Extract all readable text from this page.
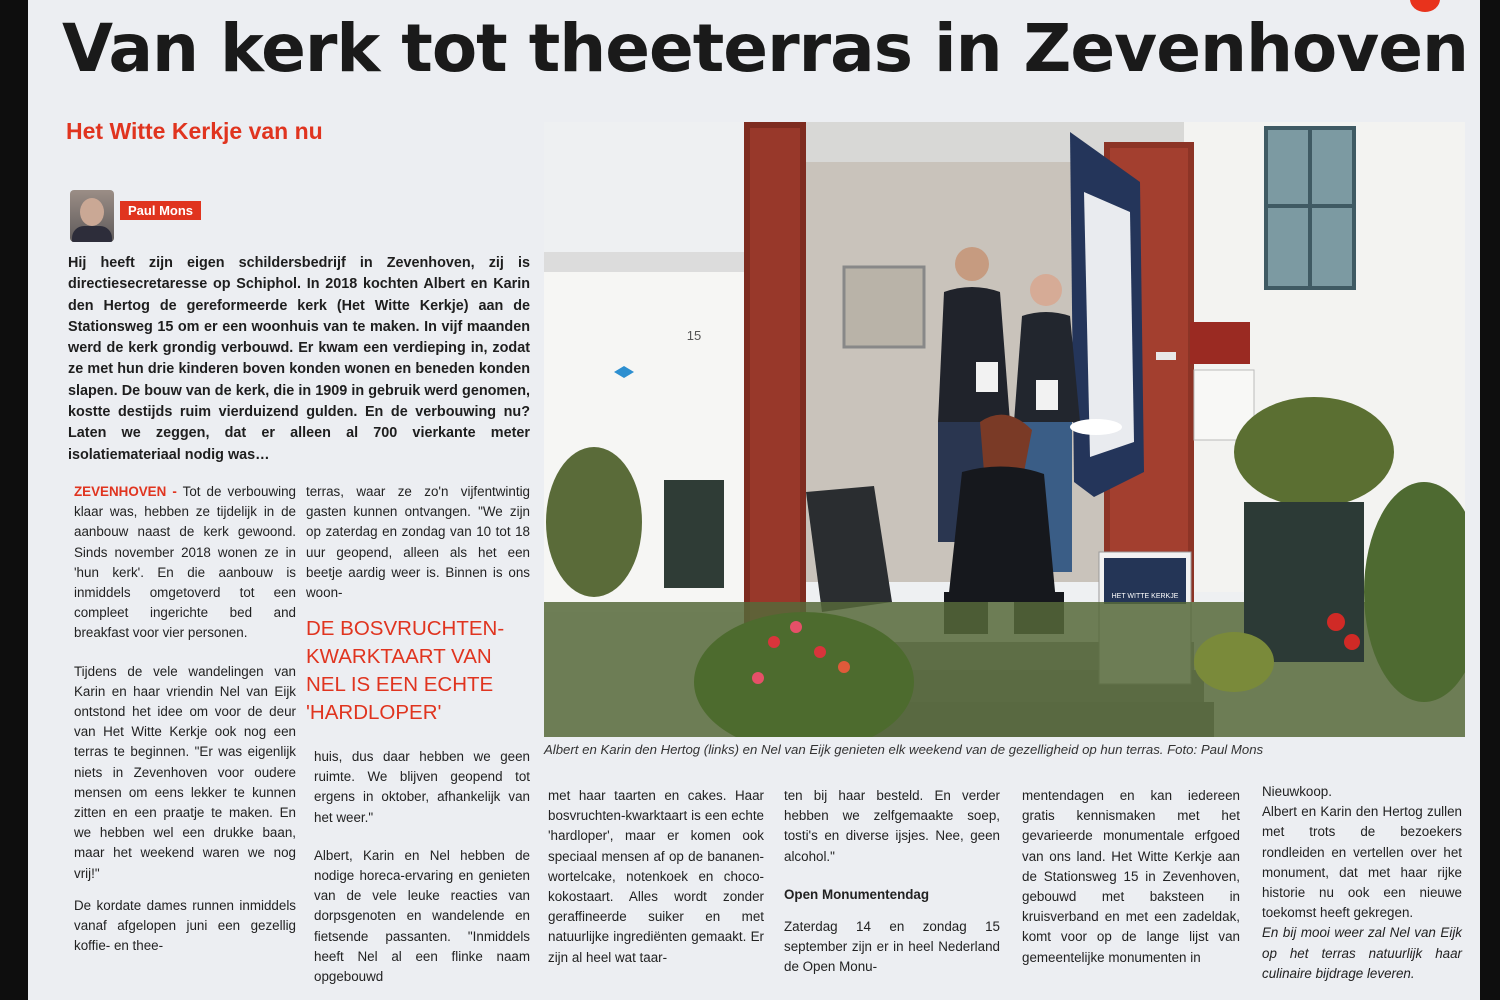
Van kerk tot theeterras in Zevenhoven
Het Witte Kerkje van nu
Paul Mons

Hij heeft zijn eigen schildersbedrijf in Zevenhoven, zij is directiesecretaresse op Schiphol. In 2018 kochten Albert en Karin den Hertog de gereformeerde kerk (Het Witte Kerkje) aan de Stationsweg 15 om er een woonhuis van te maken. In vijf maanden werd de kerk grondig verbouwd. Er kwam een verdieping in, zodat ze met hun drie kinderen boven konden wonen en beneden konden slapen. De bouw van de kerk, die in 1909 in gebruik werd genomen, kostte destijds ruim vierduizend gulden. En de verbouwing nu? Laten we zeggen, dat er alleen al 700 vierkante meter isolatiemateriaal nodig was…

ZEVENHOVEN - Tot de verbouwing klaar was, hebben ze tijdelijk in de aanbouw naast de kerk gewoond. Sinds november 2018 wonen ze in 'hun kerk'. En die aanbouw is inmiddels omgetoverd tot een compleet ingerichte bed and breakfast voor vier personen.

Tijdens de vele wandelingen van Karin en haar vriendin Nel van Eijk ontstond het idee om voor de deur van Het Witte Kerkje ook nog een terras te beginnen. "Er was eigenlijk niets in Zevenhoven voor oudere mensen om eens lekker te kunnen zitten en een praatje te maken. En we hebben wel een drukke baan, maar het weekend waren we nog vrij!"

De kordate dames runnen inmiddels vanaf afgelopen juni een gezellig koffie- en thee-

terras, waar ze zo'n vijfentwintig gasten kunnen ontvangen. "We zijn op zaterdag en zondag van 10 tot 18 uur geopend, alleen als het een beetje aardig weer is. Binnen is ons woon-

DE BOSVRUCHTEN-KWARKTAART VAN NEL IS EEN ECHTE 'HARDLOPER'

huis, dus daar hebben we geen ruimte. We blijven geopend tot ergens in oktober, afhankelijk van het weer."

Albert, Karin en Nel hebben de nodige horeca-ervaring en genieten van de vele leuke reacties van dorpsgenoten en wandelende en fietsende passanten. "Inmiddels heeft Nel al een flinke naam opgebouwd

HET WITTE KERKJE
15

Albert en Karin den Hertog (links) en Nel van Eijk genieten elk weekend van de gezelligheid op hun terras. Foto: Paul Mons

met haar taarten en cakes. Haar bosvruchten-kwarktaart is een echte 'hardloper', maar er komen ook speciaal mensen af op de bananen-wortelcake, notenkoek en choco-kokostaart. Alles wordt zonder geraffineerde suiker en met natuurlijke ingrediënten gemaakt. Er zijn al heel wat taar-

ten bij haar besteld. En verder hebben we zelfgemaakte soep, tosti's en diverse ijsjes. Nee, geen alcohol."

Open Monumentendag

Zaterdag 14 en zondag 15 september zijn er in heel Nederland de Open Monu-

mentendagen en kan iedereen gratis kennismaken met het gevarieerde monumentale erfgoed van ons land. Het Witte Kerkje aan de Stationsweg 15 in Zevenhoven, gebouwd met baksteen in kruisverband en met een zadeldak, komt voor op de lange lijst van gemeentelijke monumenten in

Nieuwkoop.

Albert en Karin den Hertog zullen met trots de bezoekers rondleiden en vertellen over het monument, dat met haar rijke historie nu ook een nieuwe toekomst heeft gekregen.

En bij mooi weer zal Nel van Eijk op het terras natuurlijk haar culinaire bijdrage leveren.
